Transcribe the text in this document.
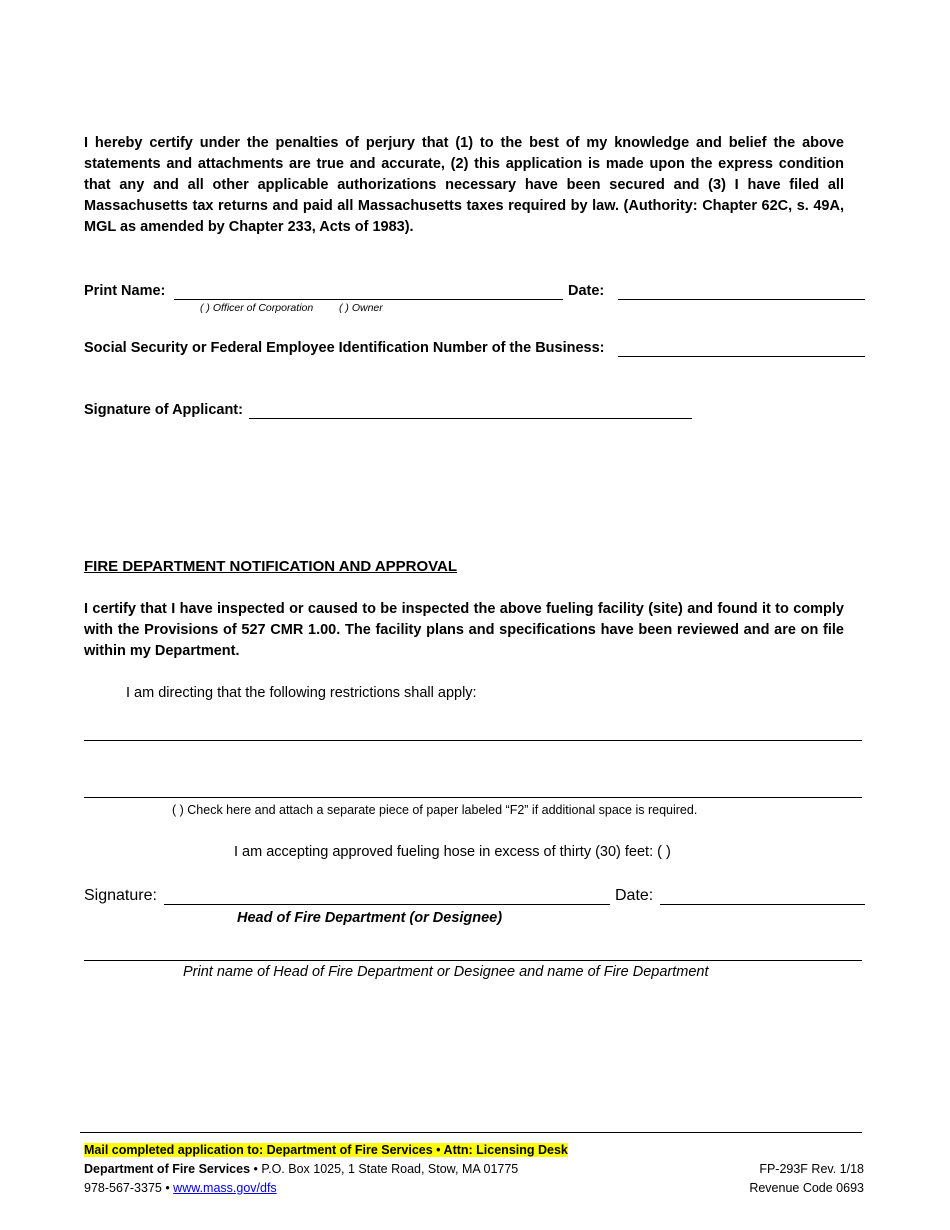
I hereby certify under the penalties of perjury that (1) to the best of my knowledge and belief the above statements and attachments are true and accurate, (2) this application is made upon the express condition that any and all other applicable authorizations necessary have been secured and (3) I have filed all Massachusetts tax returns and paid all Massachusetts taxes required by law. (Authority: Chapter 62C, s. 49A, MGL as amended by Chapter 233, Acts of 1983).
Print Name:	Date:
( ) Officer of Corporation ( ) Owner
Social Security or Federal Employee Identification Number of the Business:
Signature of Applicant:
FIRE DEPARTMENT NOTIFICATION AND APPROVAL
I certify that I have inspected or caused to be inspected the above fueling facility (site) and found it to comply with the Provisions of 527 CMR 1.00. The facility plans and specifications have been reviewed and are on file within my Department.
I am directing that the following restrictions shall apply:
( ) Check here and attach a separate piece of paper labeled “F2” if additional space is required.
I am accepting approved fueling hose in excess of thirty (30) feet: ( )
Signature:	Date:
Head of Fire Department (or Designee)
Print name of Head of Fire Department or Designee and name of Fire Department
Mail completed application to: Department of Fire Services • Attn: Licensing Desk
Department of Fire Services • P.O. Box 1025, 1 State Road, Stow, MA 01775
978-567-3375 • www.mass.gov/dfs
FP-293F Rev. 1/18
Revenue Code 0693
